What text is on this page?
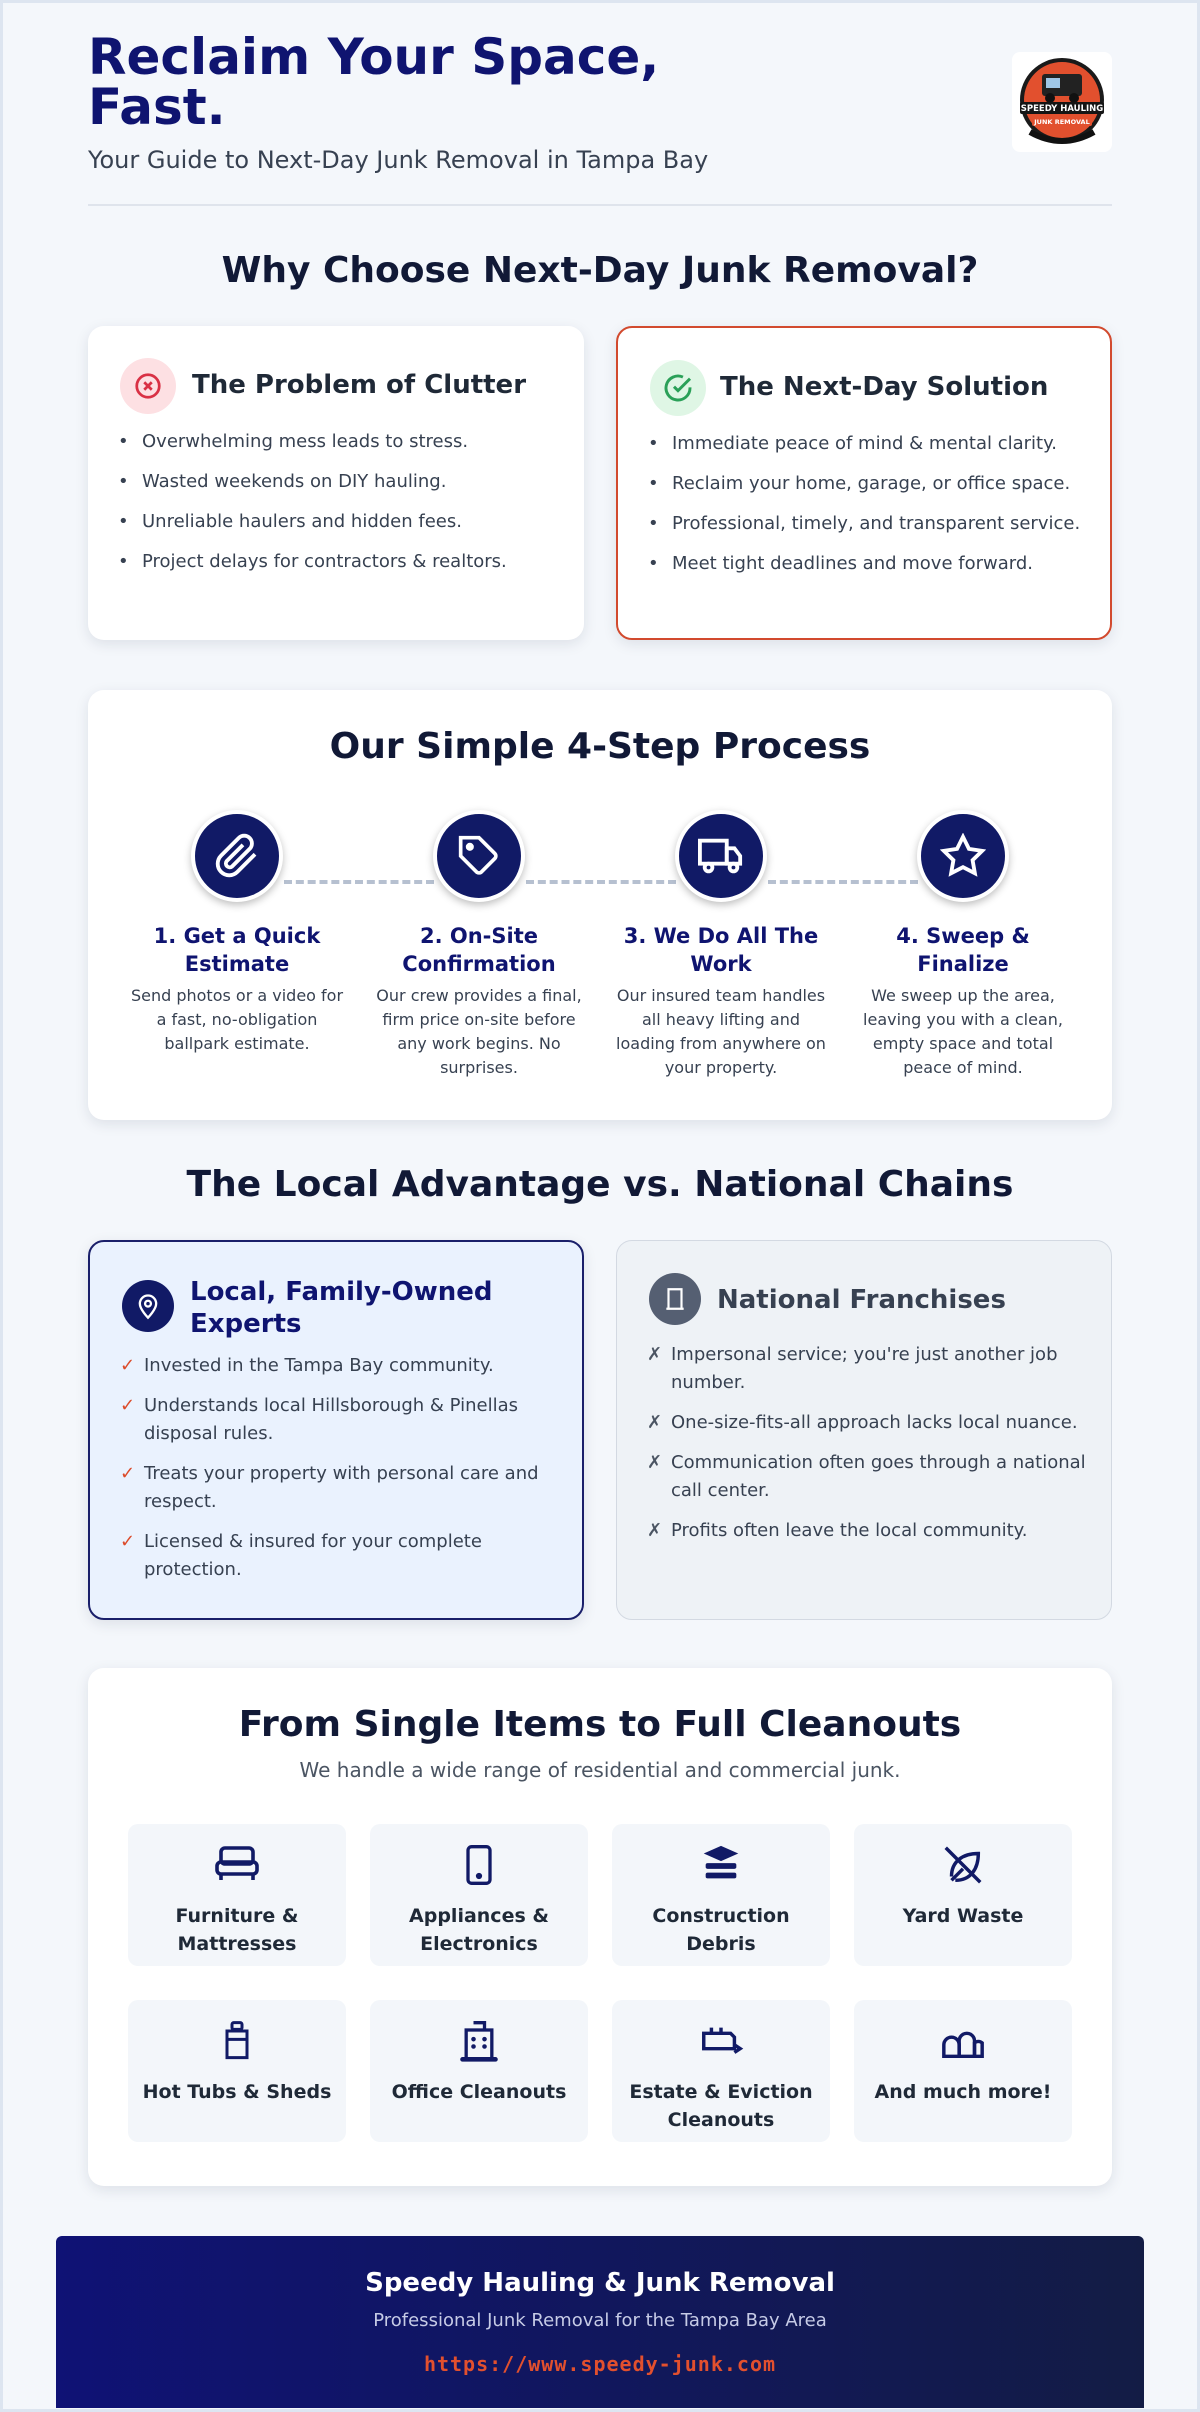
Reclaim Your Space, Fast.
Your Guide to Next-Day Junk Removal in Tampa Bay
SPEEDY HAULING
JUNK REMOVAL
Why Choose Next-Day Junk Removal?
The Problem of Clutter
• Overwhelming mess leads to stress.
• Wasted weekends on DIY hauling.
• Unreliable haulers and hidden fees.
• Project delays for contractors & realtors.
The Next-Day Solution
• Immediate peace of mind & mental clarity.
• Reclaim your home, garage, or office space.
• Professional, timely, and transparent service.
• Meet tight deadlines and move forward.
Our Simple 4-Step Process
1. Get a Quick Estimate
Send photos or a video for a fast, no-obligation ballpark estimate.
2. On-Site Confirmation
Our crew provides a final, firm price on-site before any work begins. No surprises.
3. We Do All The Work
Our insured team handles all heavy lifting and loading from anywhere on your property.
4. Sweep & Finalize
We sweep up the area, leaving you with a clean, empty space and total peace of mind.
The Local Advantage vs. National Chains
Local, Family-Owned Experts
✓ Invested in the Tampa Bay community.
✓ Understands local Hillsborough & Pinellas disposal rules.
✓ Treats your property with personal care and respect.
✓ Licensed & insured for your complete protection.
National Franchises
✗ Impersonal service; you're just another job number.
✗ One-size-fits-all approach lacks local nuance.
✗ Communication often goes through a national call center.
✗ Profits often leave the local community.
From Single Items to Full Cleanouts
We handle a wide range of residential and commercial junk.
Furniture & Mattresses
Appliances & Electronics
Construction Debris
Yard Waste
Hot Tubs & Sheds	Office Cleanouts	Estate & Eviction Cleanouts
And much more!
Speedy Hauling & Junk Removal
Professional Junk Removal for the Tampa Bay Area
https://www.speedy-junk.com
